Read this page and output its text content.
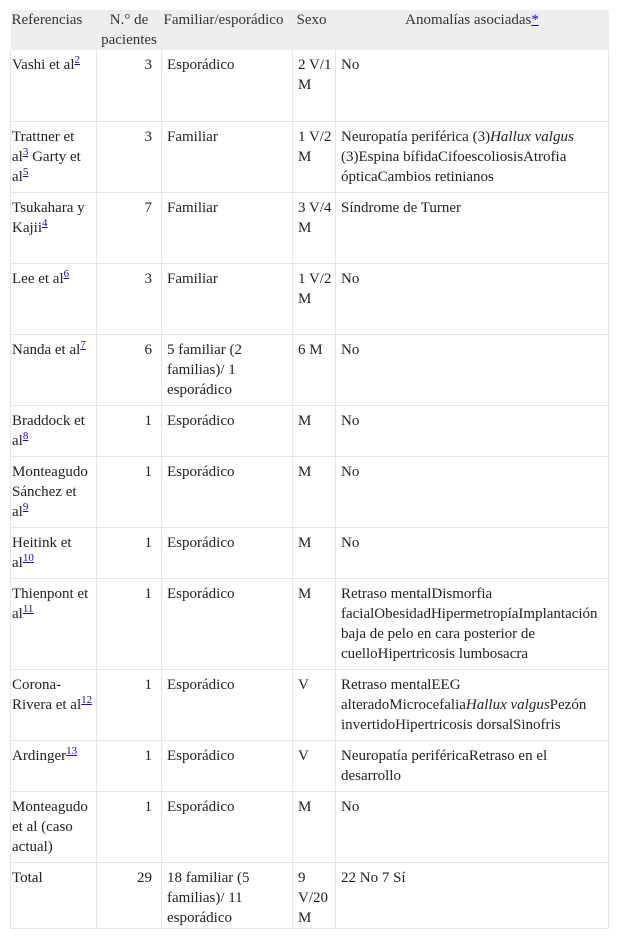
Referencias	N.° de pacientes	Familiar/esporádico	Sexo	Anomalías asociadas*
Vashi et al$^2$	3	Esporádico	2 V/1 M	No
Trattner et al$^3$ Garty et al$^5$	3	Familiar	1 V/2 M	Neuropatía periférica (3)Hallux valgus (3)Espina bífidaCifoescoliosisAtrofia ópticaCambios retinianos
Tsukahara y Kajii$^4$	7	Familiar	3 V/4 M	Síndrome de Turner
Lee et al$^6$	3	Familiar	1 V/2 M	No
Nanda et al$^7$	6	5 familiar (2 familias)/ 1 esporádico	6 M	No
Braddock et al$^8$	1	Esporádico	M	No
Monteagudo Sánchez et al$^9$	1	Esporádico	M	No
Heitink et al$^{10}$	1	Esporádico	M	No
Thienpont et al$^{11}$	1	Esporádico	M	Retraso mentalDismorfia facialObesidadHipermetropíaImplantación baja de pelo en cara posterior de cuelloHipertricosis lumbosacra
Corona-Rivera et al$^{12}$	1	Esporádico	V	Retraso mentalEEG alteradoMicrocefaliaHallux valgusPezón invertidoHipertricosis dorsalSinofris
Ardinger$^{13}$	1	Esporádico	V	Neuropatía periféricaRetraso en el desarrollo
Monteagudo et al (caso actual)	1	Esporádico	M	No
Total	29	18 familiar (5 familias)/ 11 esporádico	9 V/20 M	22 No 7 Sí
